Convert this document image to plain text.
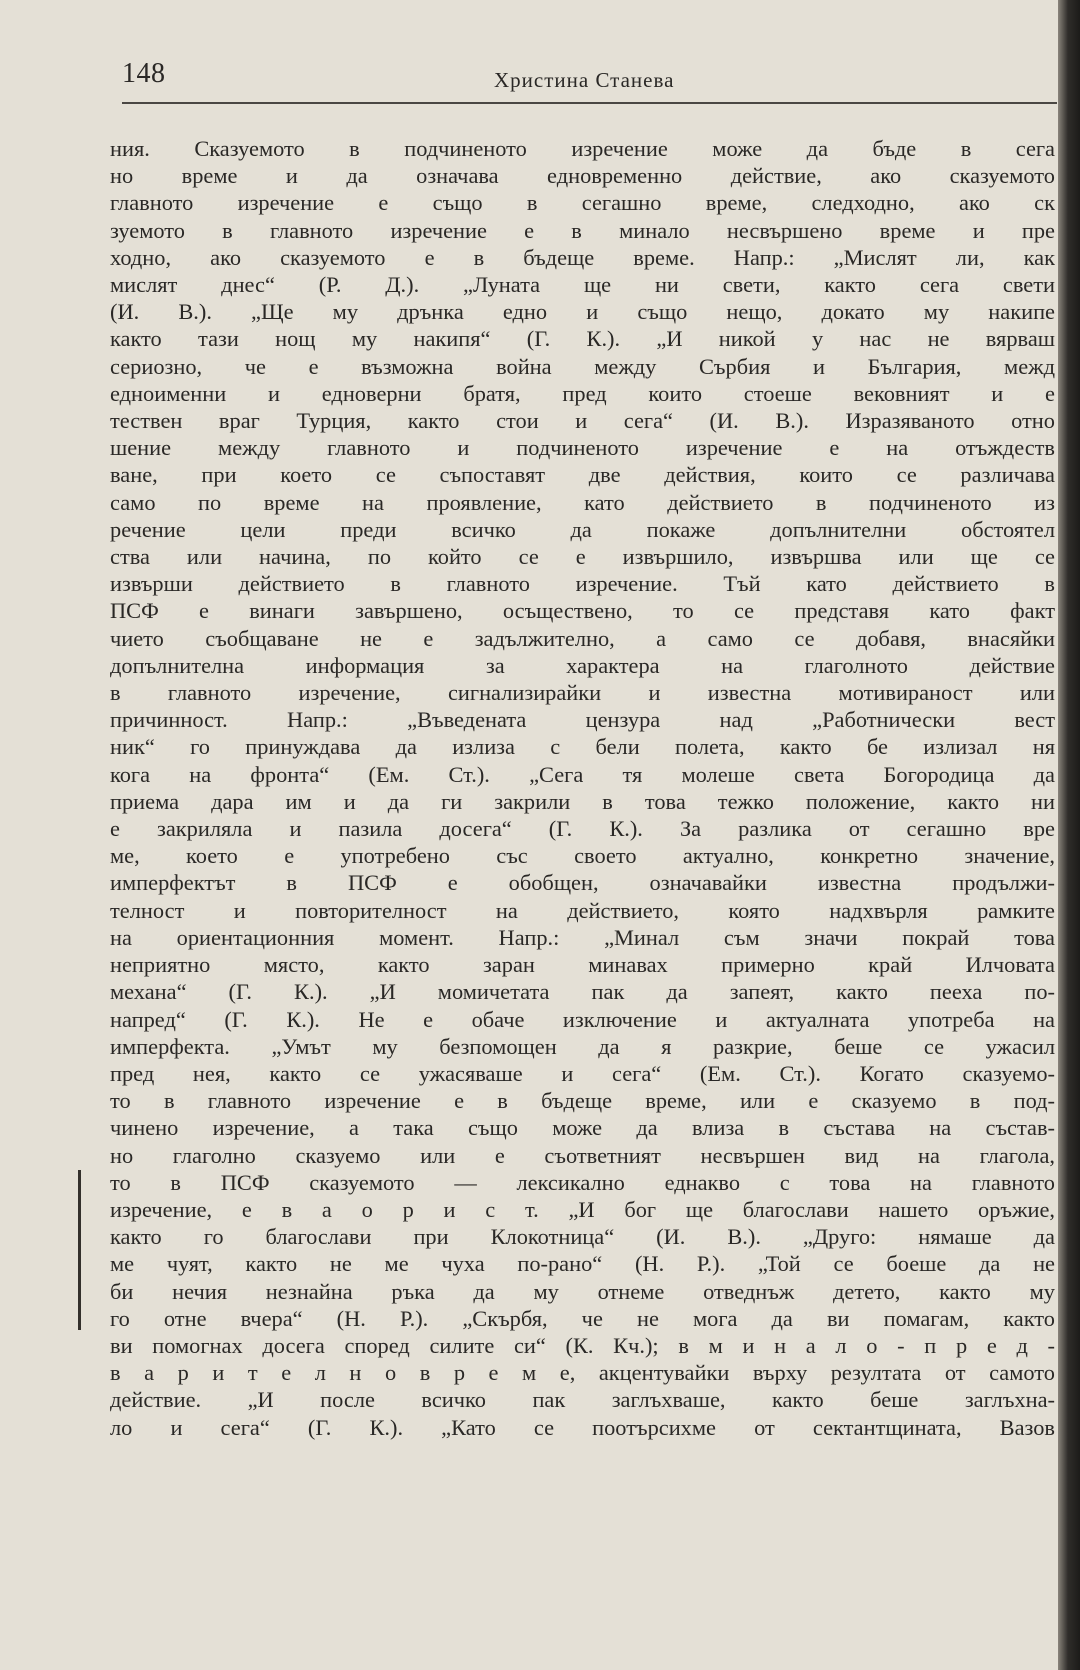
148	Христина Станева
ния. Сказуемото в подчиненото изречение може да бъде в сега
но време и да означава едновременно действие, ако сказуемото
главното изречение е също в сегашно време, следходно, ако ск
зуемото в главното изречение е в минало несвършено време и пре
ходно, ако сказуемото е в бъдеще време. Напр.: „Мислят ли, как
мислят днес“ (Р. Д.). „Луната ще ни свети, както сега свети
(И. В.). „Ще му дрънка едно и също нещо, докато му накипе
както тази нощ му накипя“ (Г. К.). „И никой у нас не вярваш
сериозно, че е възможна война между Сърбия и България, межд
едноименни и едноверни братя, пред които стоеше вековният и е
тествен враг Турция, както стои и сега“ (И. В.). Изразяваното отно
шение между главното и подчиненото изречение е на отъждеств
ване, при което се съпоставят две действия, които се различава
само по време на проявление, като действието в подчиненото из
речение цели преди всичко да покаже допълнителни обстоятел
ства или начина, по който се е извършило, извършва или ще се
извърши действието в главното изречение. Тъй като действието в
ПСФ е винаги завършено, осъществено, то се представя като факт
чието съобщаване не е задължително, а само се добавя, внасяйки
допълнителна информация за характера на глаголното действие
в главното изречение, сигнализирайки и известна мотивираност или
причинност. Напр.: „Въведената цензура над „Работнически вест
ник“ го принуждава да излиза с бели полета, както бе излизал ня
кога на фронта“ (Ем. Ст.). „Сега тя молеше света Богородица да
приема дара им и да ги закрили в това тежко положение, както ни
е закриляла и пазила досега“ (Г. К.). За разлика от сегашно вре
ме, което е употребено със своето актуално, конкретно значение,
имперфектът в ПСФ е обобщен, означавайки известна продължи-
телност и повторителност на действието, която надхвърля рамките
на ориентационния момент. Напр.: „Минал съм значи покрай това
неприятно място, както заран минавах примерно край Илчовата
механа“ (Г. К.). „И момичетата пак да запеят, както пееха по-
напред“ (Г. К.). Не е обаче изключение и актуалната употреба на
имперфекта. „Умът му безпомощен да я разкрие, беше се ужасил
пред нея, както се ужасяваше и сега“ (Ем. Ст.). Когато сказуемо-
то в главното изречение е в бъдеще време, или е сказуемо в под-
чинено изречение, а така също може да влиза в състава на състав-
но глаголно сказуемо или е съответният несвършен вид на глагола,
то в ПСФ сказуемото — лексикално еднакво с това на главното
изречение, е в а о р и с т. „И бог ще благослави нашето оръжие,
както го благослави при Клокотница“ (И. В.). „Друго: нямаше да
ме чуят, както не ме чуха по-рано“ (Н. Р.). „Той се боеше да не
би нечия незнайна ръка да му отнеме отведнъж детето, както му
го отне вчера“ (Н. Р.). „Скърбя, че не мога да ви помагам, както
ви помогнах досега според силите си“ (К. Кч.); в м и н а л о - п р е д -
в а р и т е л н о в р е м е, акцентувайки върху резултата от самото
действие. „И после всичко пак заглъхваше, както беше заглъхна-
ло и сега“ (Г. К.). „Като се поотърсихме от сектантщината, Вазов
